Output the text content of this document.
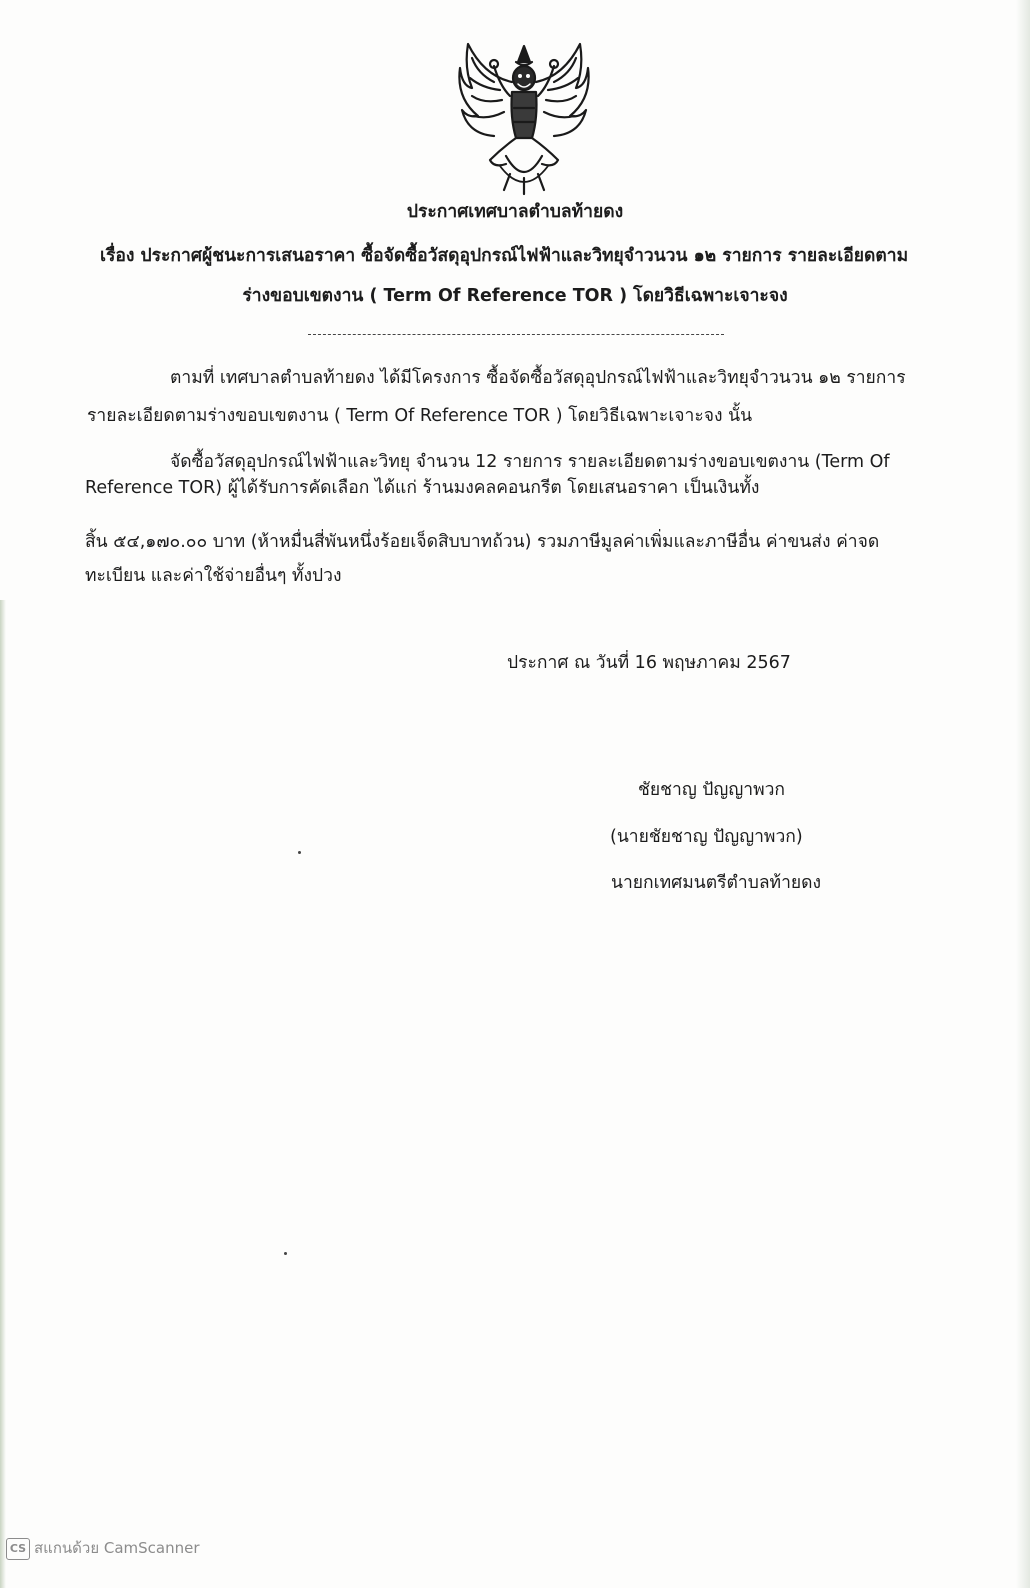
ประกาศเทศบาลตำบลท้ายดง
เรื่อง ประกาศผู้ชนะการเสนอราคา ซื้อจัดซื้อวัสดุอุปกรณ์ไฟฟ้าและวิทยุจำวนวน ๑๒ รายการ รายละเอียดตาม
ร่างขอบเขตงาน ( Term Of Reference TOR ) โดยวิธีเฉพาะเจาะจง
ตามที่ เทศบาลตำบลท้ายดง ได้มีโครงการ ซื้อจัดซื้อวัสดุอุปกรณ์ไฟฟ้าและวิทยุจำวนวน ๑๒ รายการ
รายละเอียดตามร่างขอบเขตงาน ( Term Of Reference TOR ) โดยวิธีเฉพาะเจาะจง นั้น
จัดซื้อวัสดุอุปกรณ์ไฟฟ้าและวิทยุ จำนวน 12 รายการ รายละเอียดตามร่างขอบเขตงาน (Term Of
Reference TOR) ผู้ได้รับการคัดเลือก ได้แก่ ร้านมงคลคอนกรีต โดยเสนอราคา เป็นเงินทั้ง
สิ้น ๕๔,๑๗๐.๐๐ บาท (ห้าหมื่นสี่พันหนึ่งร้อยเจ็ดสิบบาทถ้วน) รวมภาษีมูลค่าเพิ่มและภาษีอื่น ค่าขนส่ง ค่าจด
ทะเบียน และค่าใช้จ่ายอื่นๆ ทั้งปวง
ประกาศ ณ วันที่ 16 พฤษภาคม 2567
ชัยชาญ ปัญญาพวก
(นายชัยชาญ ปัญญาพวก)
นายกเทศมนตรีตำบลท้ายดง
CS สแกนด้วย CamScanner
